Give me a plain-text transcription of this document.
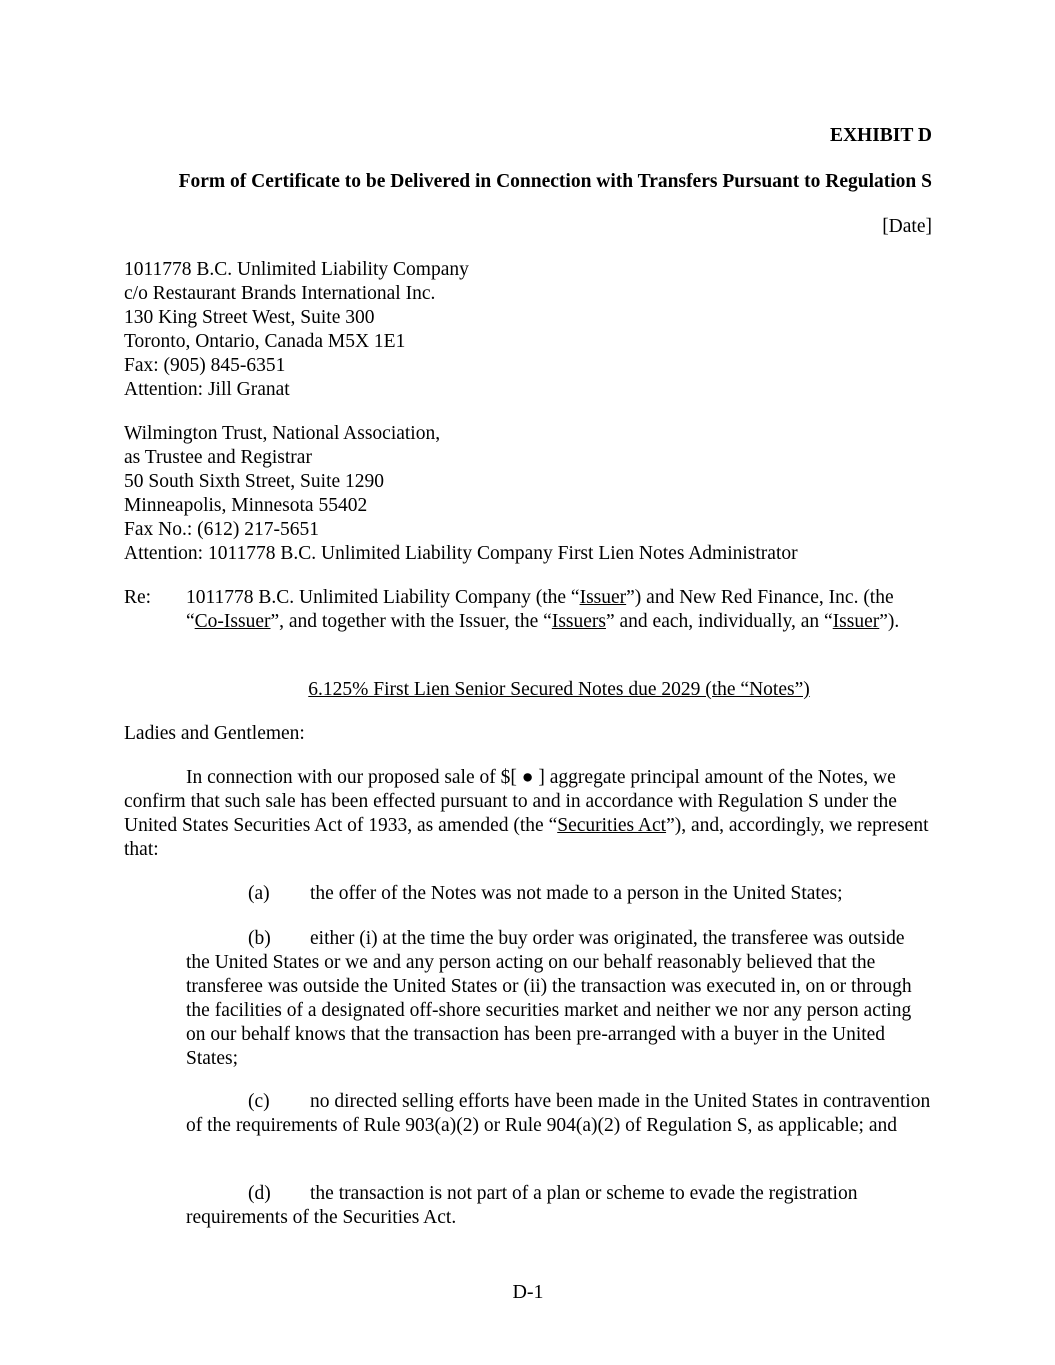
EXHIBIT D
Form of Certificate to be Delivered in Connection with Transfers Pursuant to Regulation S
[Date]
1011778 B.C. Unlimited Liability Company
c/o Restaurant Brands International Inc.
130 King Street West, Suite 300
Toronto, Ontario, Canada M5X 1E1
Fax: (905) 845-6351
Attention: Jill Granat
Wilmington Trust, National Association,
as Trustee and Registrar
50 South Sixth Street, Suite 1290
Minneapolis, Minnesota 55402
Fax No.: (612) 217-5651
Attention: 1011778 B.C. Unlimited Liability Company First Lien Notes Administrator
Re: 1011778 B.C. Unlimited Liability Company (the “Issuer”) and New Red Finance, Inc. (the “Co-Issuer”, and together with the Issuer, the “Issuers” and each, individually, an “Issuer”).
6.125% First Lien Senior Secured Notes due 2029 (the “Notes”)
Ladies and Gentlemen:
In connection with our proposed sale of $[ ● ] aggregate principal amount of the Notes, we confirm that such sale has been effected pursuant to and in accordance with Regulation S under the United States Securities Act of 1933, as amended (the “Securities Act”), and, accordingly, we represent that:
(a) the offer of the Notes was not made to a person in the United States;
(b) either (i) at the time the buy order was originated, the transferee was outside the United States or we and any person acting on our behalf reasonably believed that the transferee was outside the United States or (ii) the transaction was executed in, on or through the facilities of a designated off-shore securities market and neither we nor any person acting on our behalf knows that the transaction has been pre-arranged with a buyer in the United States;
(c) no directed selling efforts have been made in the United States in contravention of the requirements of Rule 903(a)(2) or Rule 904(a)(2) of Regulation S, as applicable; and
(d) the transaction is not part of a plan or scheme to evade the registration requirements of the Securities Act.
D-1
